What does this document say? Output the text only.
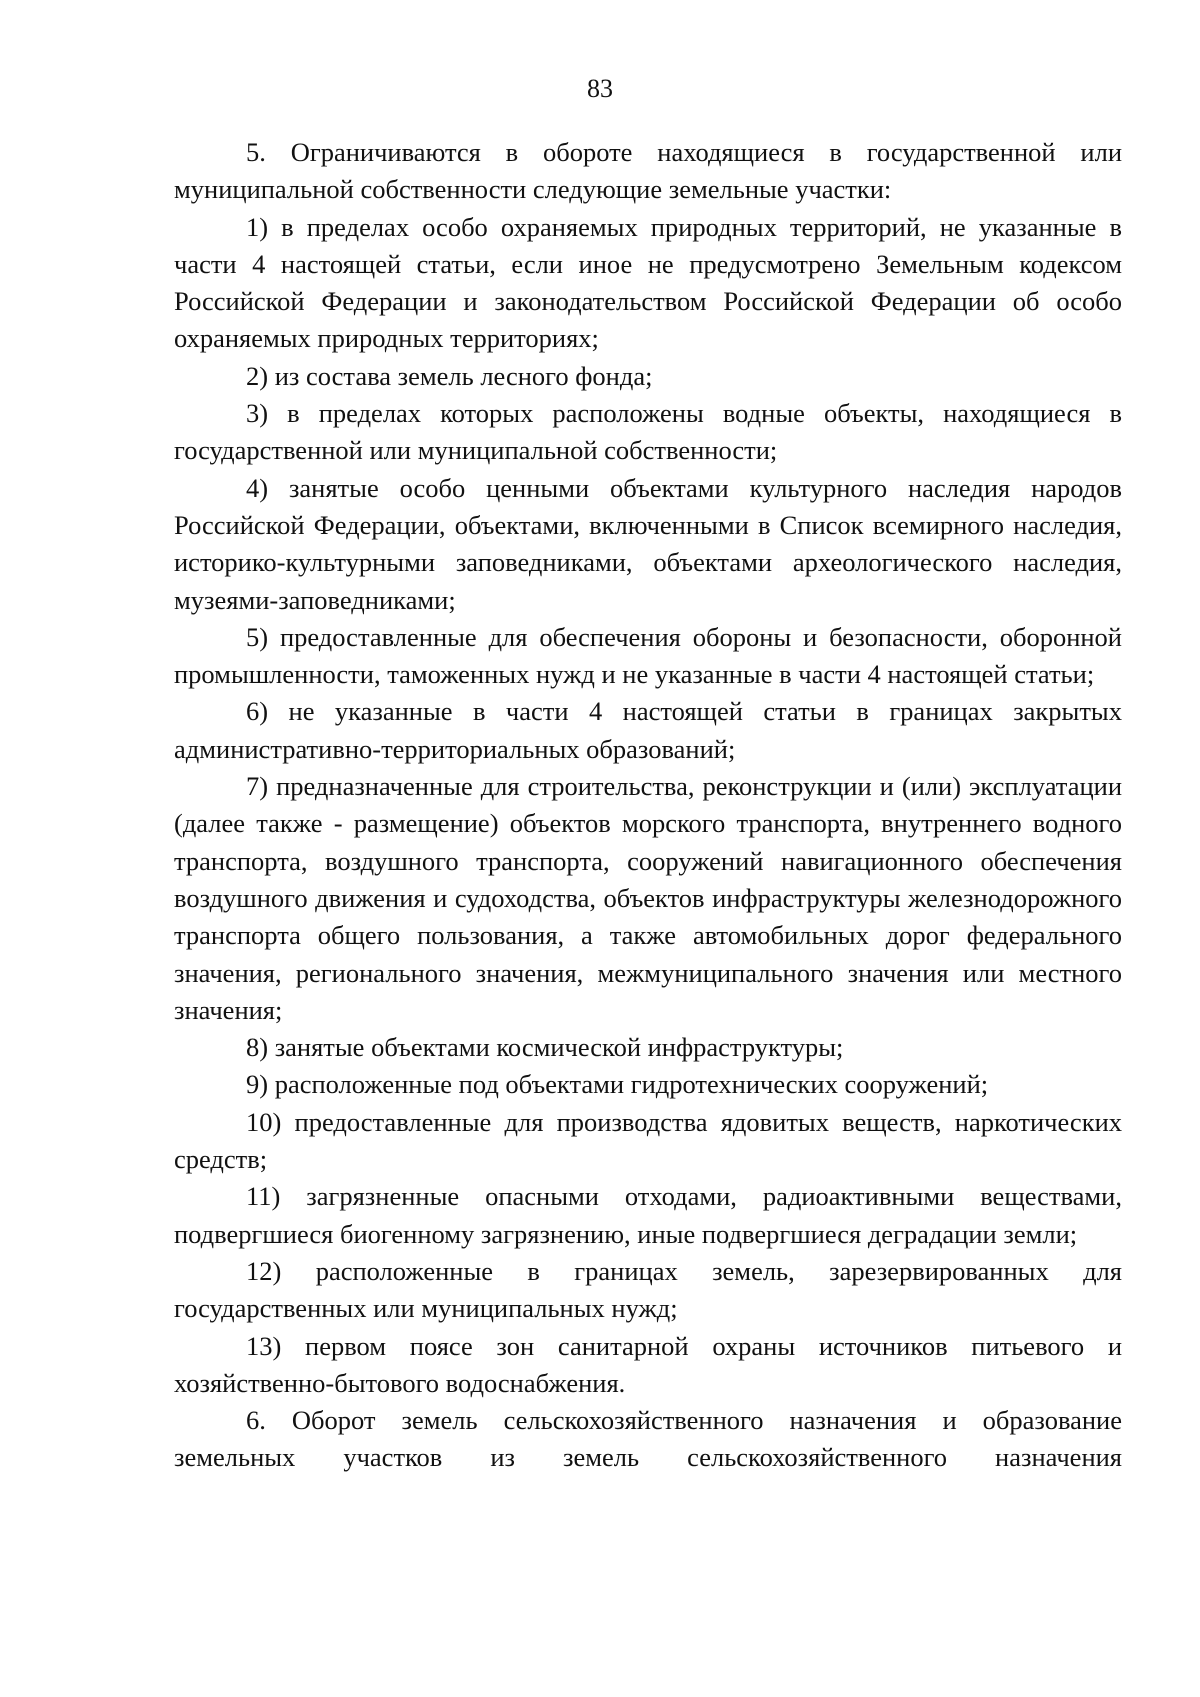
83

5. Ограничиваются в обороте находящиеся в государственной или муниципальной собственности следующие земельные участки:

1) в пределах особо охраняемых природных территорий, не указанные в части 4 настоящей статьи, если иное не предусмотрено Земельным кодексом Российской Федерации и законодательством Российской Федерации об особо охраняемых природных территориях;

2) из состава земель лесного фонда;

3) в пределах которых расположены водные объекты, находящиеся в государственной или муниципальной собственности;

4) занятые особо ценными объектами культурного наследия народов Российской Федерации, объектами, включенными в Список всемирного наследия, историко-культурными заповедниками, объектами археологического наследия, музеями-заповедниками;

5) предоставленные для обеспечения обороны и безопасности, оборонной промышленности, таможенных нужд и не указанные в части 4 настоящей статьи;

6) не указанные в части 4 настоящей статьи в границах закрытых административно-территориальных образований;

7) предназначенные для строительства, реконструкции и (или) эксплуатации (далее также - размещение) объектов морского транспорта, внутреннего водного транспорта, воздушного транспорта, сооружений навигационного обеспечения воздушного движения и судоходства, объектов инфраструктуры железнодорожного транспорта общего пользования, а также автомобильных дорог федерального значения, регионального значения, межмуниципального значения или местного значения;

8) занятые объектами космической инфраструктуры;

9) расположенные под объектами гидротехнических сооружений;

10) предоставленные для производства ядовитых веществ, наркотических средств;

11) загрязненные опасными отходами, радиоактивными веществами, подвергшиеся биогенному загрязнению, иные подвергшиеся деградации земли;

12) расположенные в границах земель, зарезервированных для государственных или муниципальных нужд;

13) первом поясе зон санитарной охраны источников питьевого и хозяйственно-бытового водоснабжения.

6. Оборот земель сельскохозяйственного назначения и образование земельных участков из земель сельскохозяйственного назначения
